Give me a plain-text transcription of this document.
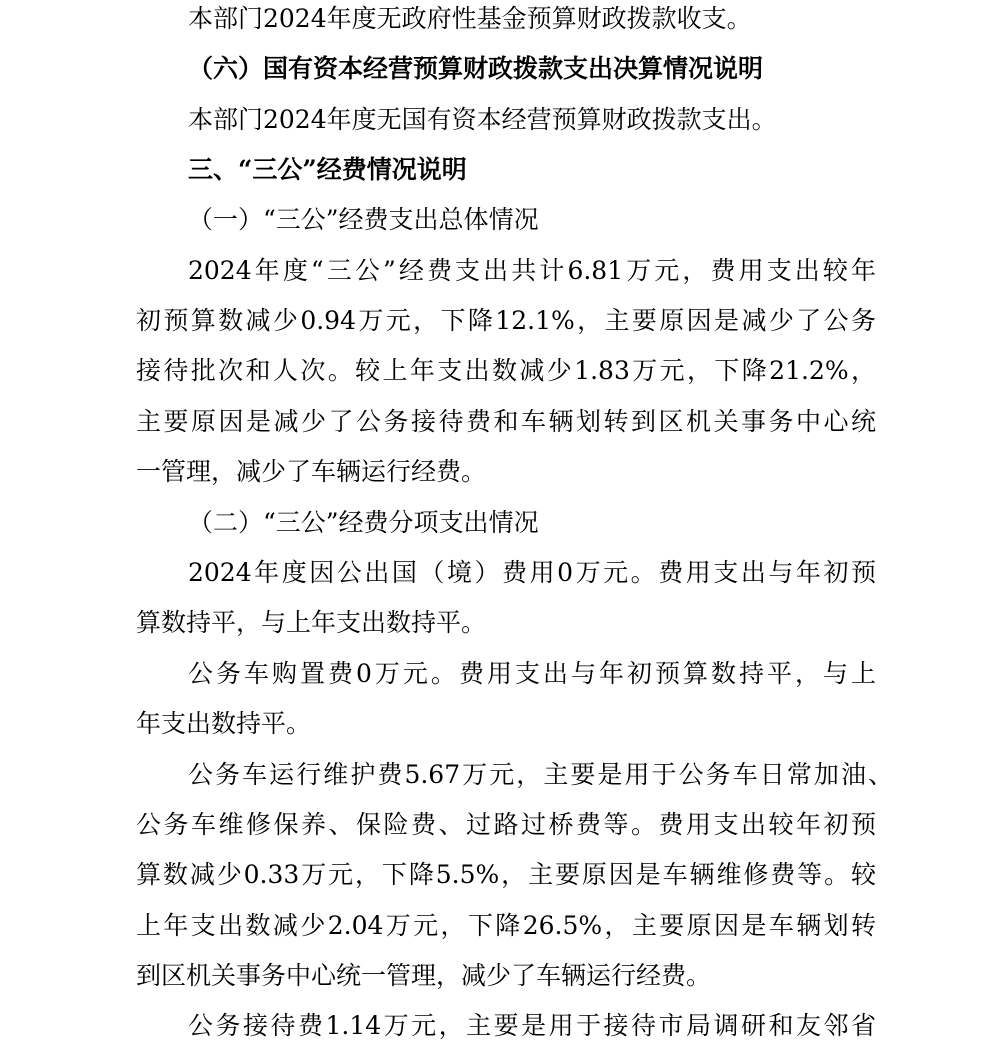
本部门2024年度无政府性基金预算财政拨款收支。
（六）国有资本经营预算财政拨款支出决算情况说明
本部门2024年度无国有资本经营预算财政拨款支出。
三、“三公”经费情况说明
（一）“三公”经费支出总体情况
2024年度“三公”经费支出共计6.81万元，费用支出较年
初预算数减少0.94万元，下降12.1%，主要原因是减少了公务
接待批次和人次。较上年支出数减少1.83万元，下降21.2%，
主要原因是减少了公务接待费和车辆划转到区机关事务中心统
一管理，减少了车辆运行经费。
（二）“三公”经费分项支出情况
2024年度因公出国（境）费用0万元。费用支出与年初预
算数持平，与上年支出数持平。
公务车购置费0万元。费用支出与年初预算数持平，与上
年支出数持平。
公务车运行维护费5.67万元，主要是用于公务车日常加油、
公务车维修保养、保险费、过路过桥费等。费用支出较年初预
算数减少0.33万元，下降5.5%，主要原因是车辆维修费等。较
上年支出数减少2.04万元，下降26.5%，主要原因是车辆划转
到区机关事务中心统一管理，减少了车辆运行经费。
公务接待费1.14万元，主要是用于接待市局调研和友邻省
